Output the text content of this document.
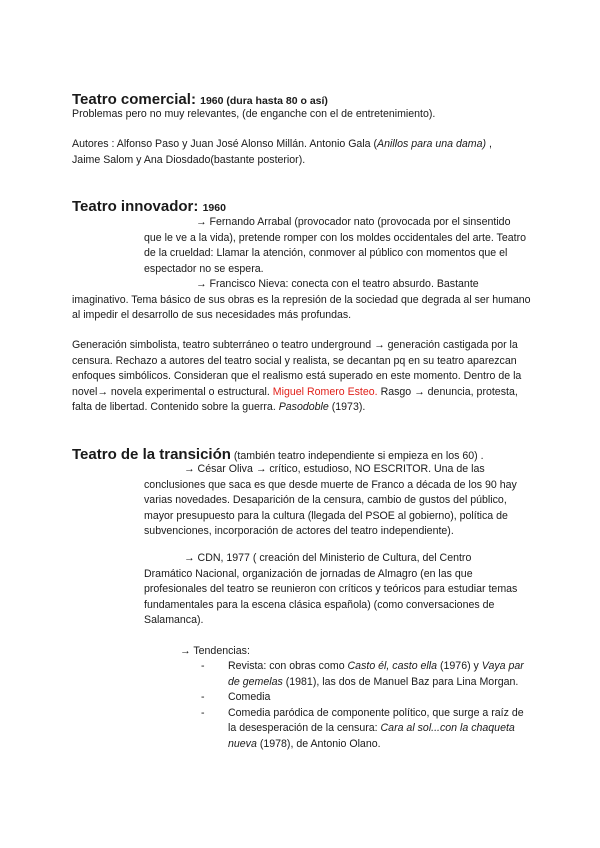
Teatro comercial: 1960 (dura hasta 80 o así)

Problemas pero no muy relevantes, (de enganche con el de entretenimiento).

Autores : Alfonso Paso y Juan José Alonso Millán. Antonio Gala (Anillos para una dama) ,
Jaime Salom y Ana Diosdado(bastante posterior).

Teatro innovador: 1960

→ Fernando Arrabal (provocador nato (provocada por el sinsentido que le ve a la vida), pretende romper con los moldes occidentales del arte. Teatro de la crueldad: Llamar la atención, conmover al público con momentos que el espectador no se espera.

→ Francisco Nieva: conecta con el teatro absurdo. Bastante
imaginativo. Tema básico de sus obras es la represión de la sociedad que degrada al ser humano al impedir el desarrollo de sus necesidades más profundas.

Generación simbolista, teatro subterráneo o teatro underground → generación castigada por la censura. Rechazo a autores del teatro social y realista, se decantan pq en su teatro aparezcan enfoques simbólicos. Consideran que el realismo está superado en este momento. Dentro de la novel→ novela experimental o estructural. Miguel Romero Esteo. Rasgo → denuncia, protesta, falta de libertad. Contenido sobre la guerra. Pasodoble (1973).

Teatro de la transición (también teatro independiente si empieza en los 60) .

→ César Oliva → crítico, estudioso, NO ESCRITOR. Una de las
conclusiones que saca es que desde muerte de Franco a década de los 90 hay varias novedades. Desaparición de la censura, cambio de gustos del público, mayor presupuesto para la cultura (llegada del PSOE al gobierno), política de subvenciones, incorporación de actores del teatro independiente).

→ CDN, 1977 ( creación del Ministerio de Cultura, del Centro
Dramático Nacional, organización de jornadas de Almagro (en las que profesionales del teatro se reunieron con críticos y teóricos para estudiar temas fundamentales para la escena clásica española) (como conversaciones de Salamanca).

→ Tendencias:
- Revista: con obras como Casto él, casto ella (1976) y Vaya par de gemelas (1981), las dos de Manuel Baz para Lina Morgan.
- Comedia
- Comedia paródica de componente político, que surge a raíz de la desesperación de la censura: Cara al sol...con la chaqueta nueva (1978), de Antonio Olano.
